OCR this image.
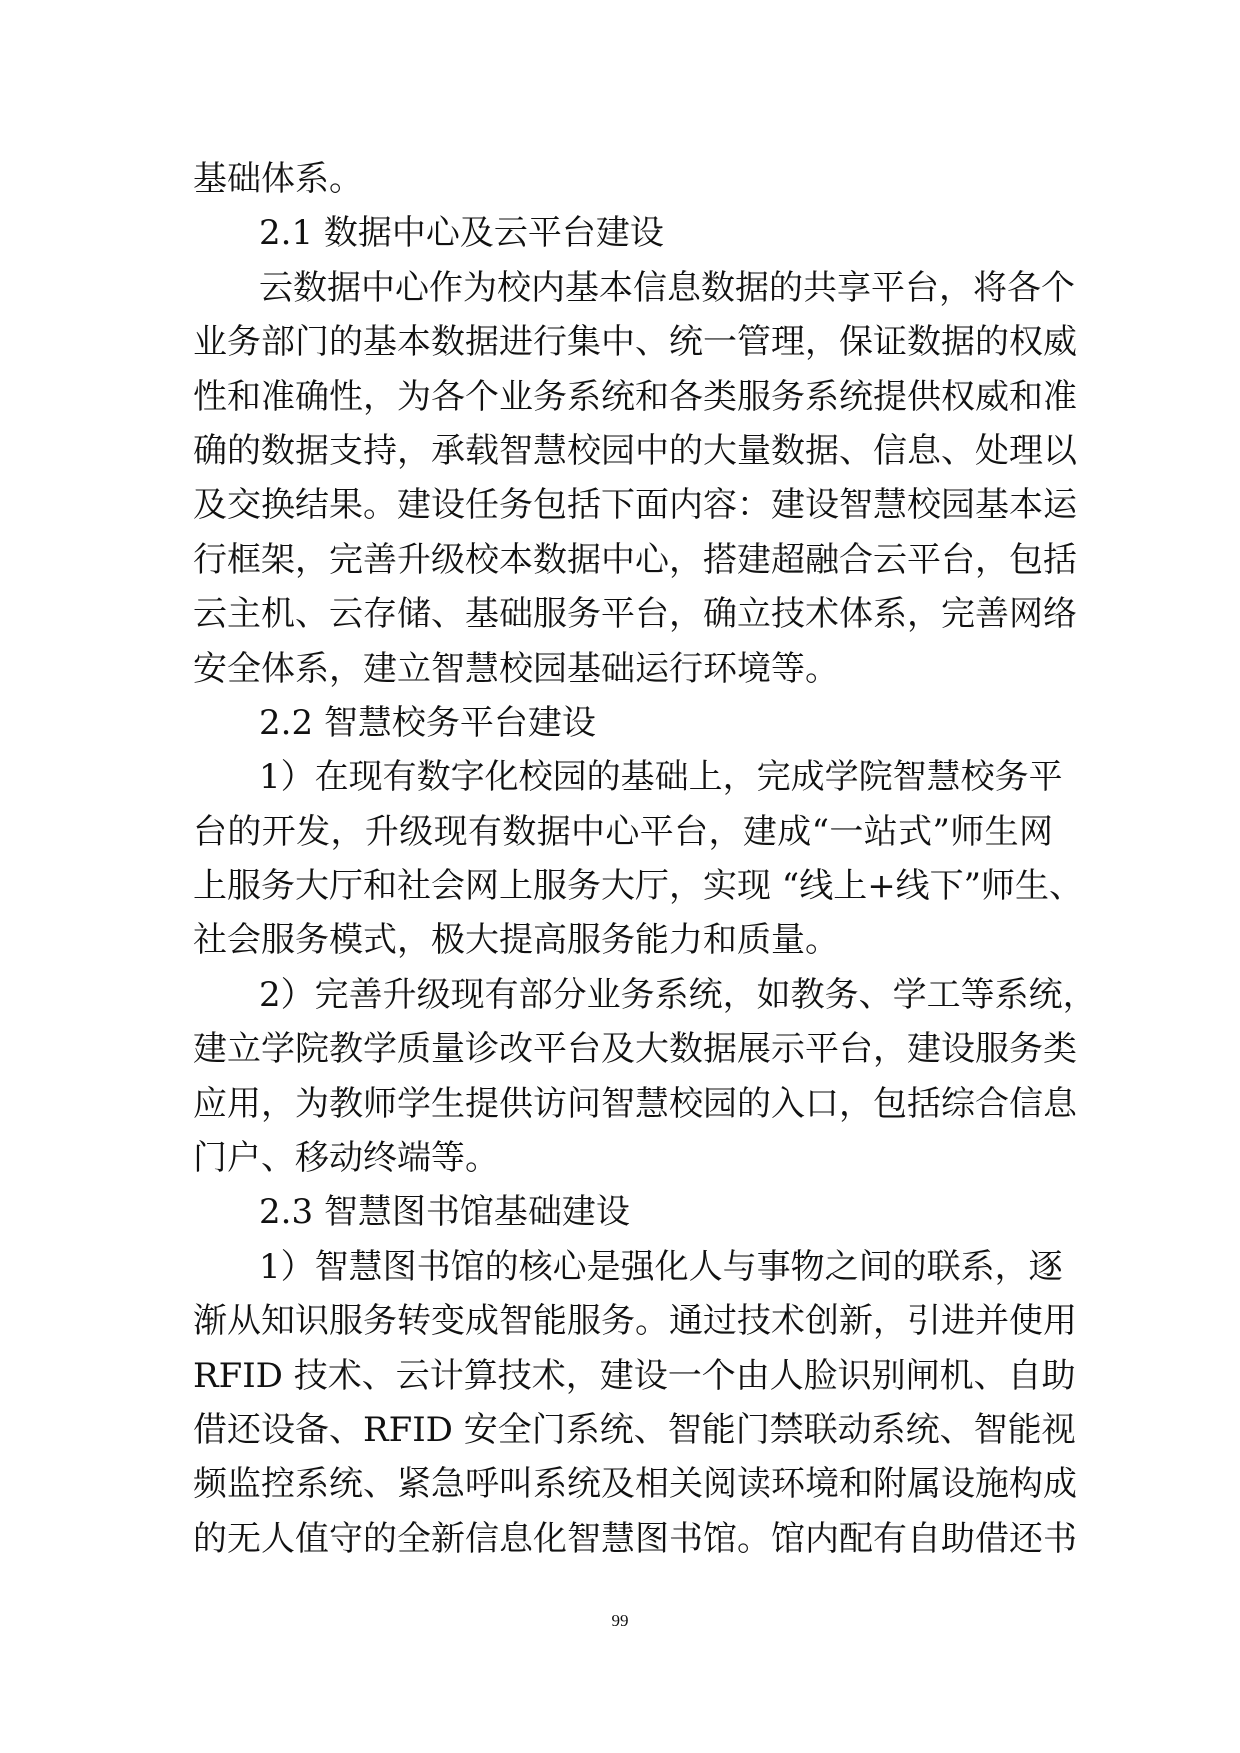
基础体系。
2.1 数据中心及云平台建设
云数据中心作为校内基本信息数据的共享平台，将各个
业务部门的基本数据进行集中、统一管理，保证数据的权威
性和准确性，为各个业务系统和各类服务系统提供权威和准
确的数据支持，承载智慧校园中的大量数据、信息、处理以
及交换结果。建设任务包括下面内容：建设智慧校园基本运
行框架，完善升级校本数据中心，搭建超融合云平台，包括
云主机、云存储、基础服务平台，确立技术体系，完善网络
安全体系，建立智慧校园基础运行环境等。
2.2 智慧校务平台建设
1）在现有数字化校园的基础上，完成学院智慧校务平
台的开发，升级现有数据中心平台，建成“一站式”师生网
上服务大厅和社会网上服务大厅，实现 “线上+线下”师生、
社会服务模式，极大提高服务能力和质量。
2）完善升级现有部分业务系统，如教务、学工等系统，
建立学院教学质量诊改平台及大数据展示平台，建设服务类
应用，为教师学生提供访问智慧校园的入口，包括综合信息
门户、移动终端等。
2.3 智慧图书馆基础建设
1）智慧图书馆的核心是强化人与事物之间的联系，逐
渐从知识服务转变成智能服务。通过技术创新，引进并使用
RFID 技术、云计算技术，建设一个由人脸识别闸机、自助
借还设备、RFID 安全门系统、智能门禁联动系统、智能视
频监控系统、紧急呼叫系统及相关阅读环境和附属设施构成
的无人值守的全新信息化智慧图书馆。馆内配有自助借还书
99
